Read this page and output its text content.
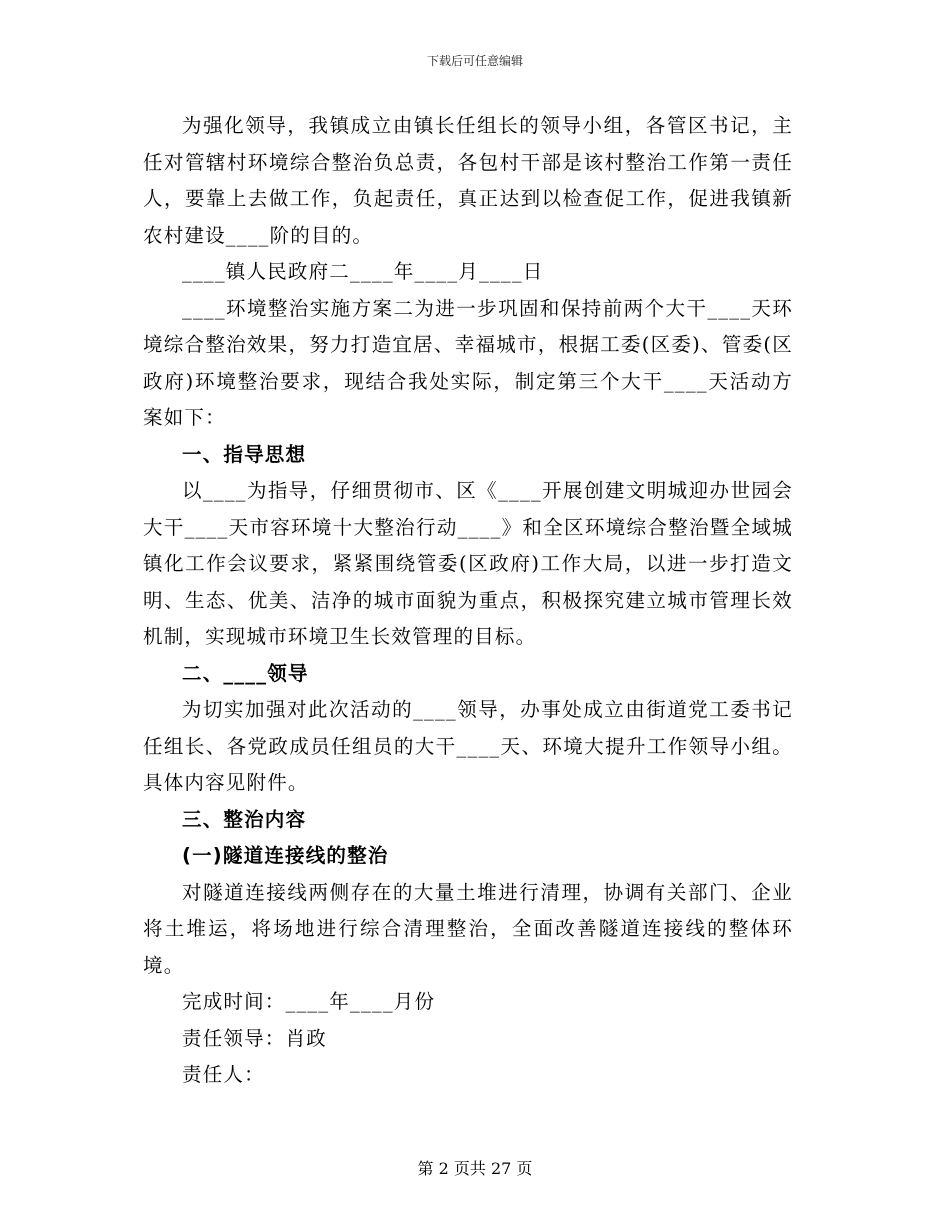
下载后可任意编辑

为强化领导，我镇成立由镇长任组长的领导小组，各管区书记，主任对管辖村环境综合整治负总责，各包村干部是该村整治工作第一责任人，要靠上去做工作，负起责任，真正达到以检查促工作，促进我镇新农村建设____阶的目的。

____镇人民政府二____年____月____日

____环境整治实施方案二为进一步巩固和保持前两个大干____天环境综合整治效果，努力打造宜居、幸福城市，根据工委(区委)、管委(区政府)环境整治要求，现结合我处实际，制定第三个大干____天活动方案如下：

一、指导思想

以____为指导，仔细贯彻市、区《____开展创建文明城迎办世园会大干____天市容环境十大整治行动____》和全区环境综合整治暨全域城镇化工作会议要求，紧紧围绕管委(区政府)工作大局，以进一步打造文明、生态、优美、洁净的城市面貌为重点，积极探究建立城市管理长效机制，实现城市环境卫生长效管理的目标。

二、____领导

为切实加强对此次活动的____领导，办事处成立由街道党工委书记任组长、各党政成员任组员的大干____天、环境大提升工作领导小组。具体内容见附件。

三、整治内容

(一)隧道连接线的整治

对隧道连接线两侧存在的大量土堆进行清理，协调有关部门、企业将土堆运，将场地进行综合清理整治，全面改善隧道连接线的整体环境。

完成时间：____年____月份

责任领导：肖政

责任人：

第 2 页共 27 页
